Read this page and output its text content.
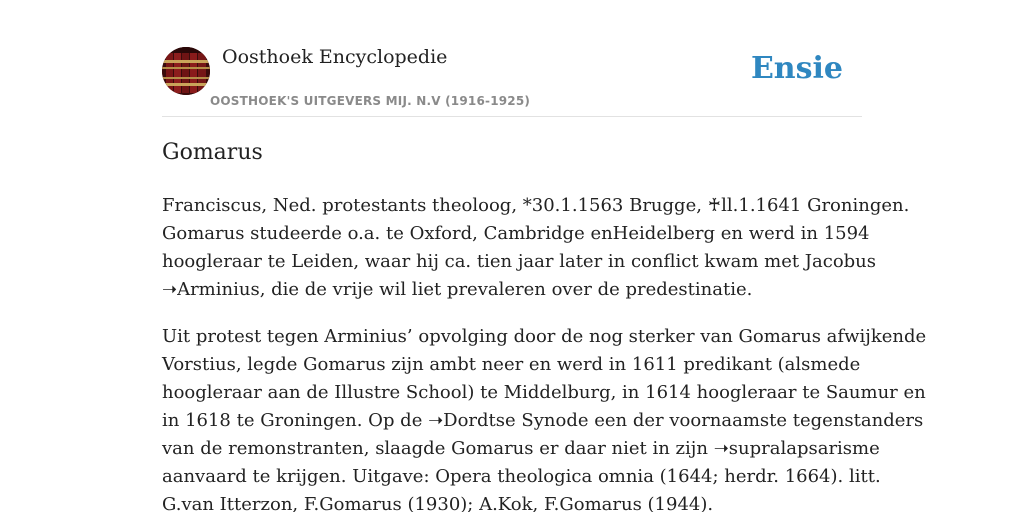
Oosthoek Encyclopedie
OOSTHOEK'S UITGEVERS MIJ. N.V (1916-1925)
Ensie
Gomarus

Franciscus, Ned. protestants theoloog, *30.1.1563 Brugge, ♰ll.1.1641 Groningen.
Gomarus studeerde o.a. te Oxford, Cambridge enHeidelberg en werd in 1594
hoogleraar te Leiden, waar hij ca. tien jaar later in conflict kwam met Jacobus
➝Arminius, die de vrije wil liet prevaleren over de predestinatie.

Uit protest tegen Arminius’ opvolging door de nog sterker van Gomarus afwijkende
Vorstius, legde Gomarus zijn ambt neer en werd in 1611 predikant (alsmede
hoogleraar aan de Illustre School) te Middelburg, in 1614 hoogleraar te Saumur en
in 1618 te Groningen. Op de ➝Dordtse Synode een der voornaamste tegenstanders
van de remonstranten, slaagde Gomarus er daar niet in zijn ➝supralapsarisme
aanvaard te krijgen. Uitgave: Opera theologica omnia (1644; herdr. 1664). litt.
G.van Itterzon, F.Gomarus (1930); A.Kok, F.Gomarus (1944).
